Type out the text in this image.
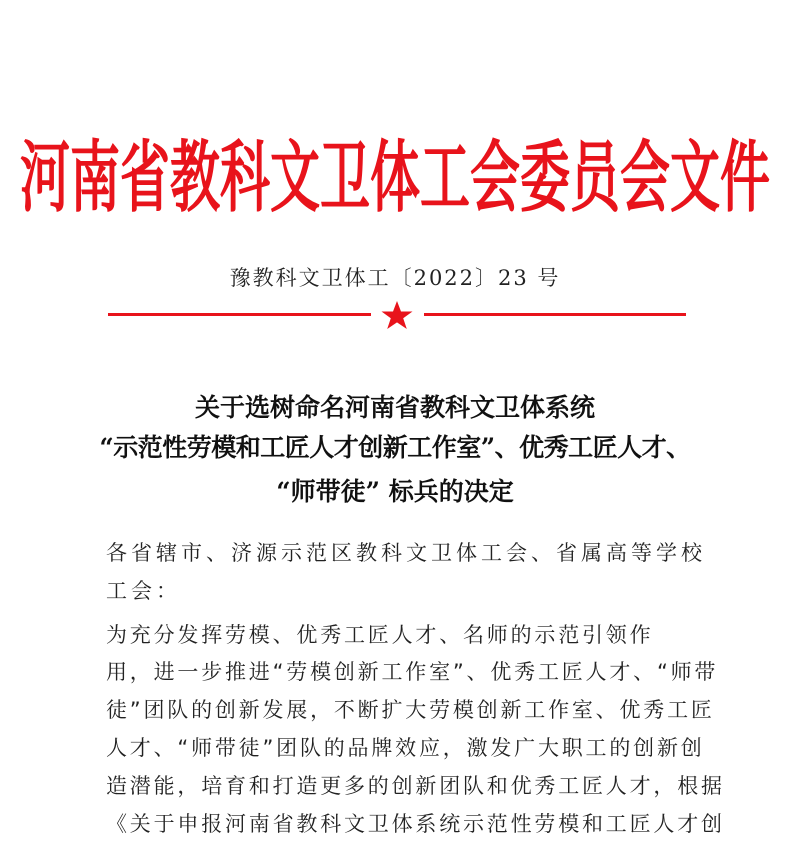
河南省教科文卫体工会委员会文件
豫教科文卫体工〔2022〕23 号
关于选树命名河南省教科文卫体系统
“示范性劳模和工匠人才创新工作室”、优秀工匠人才、
“师带徒” 标兵的决定
各省辖市、济源示范区教科文卫体工会、省属高等学校
工会：
为充分发挥劳模、优秀工匠人才、名师的示范引领作
用，进一步推进“劳模创新工作室”、优秀工匠人才、“师带
徒”团队的创新发展，不断扩大劳模创新工作室、优秀工匠
人才、“师带徒”团队的品牌效应，激发广大职工的创新创
造潜能，培育和打造更多的创新团队和优秀工匠人才，根据
《关于申报河南省教科文卫体系统示范性劳模和工匠人才创
